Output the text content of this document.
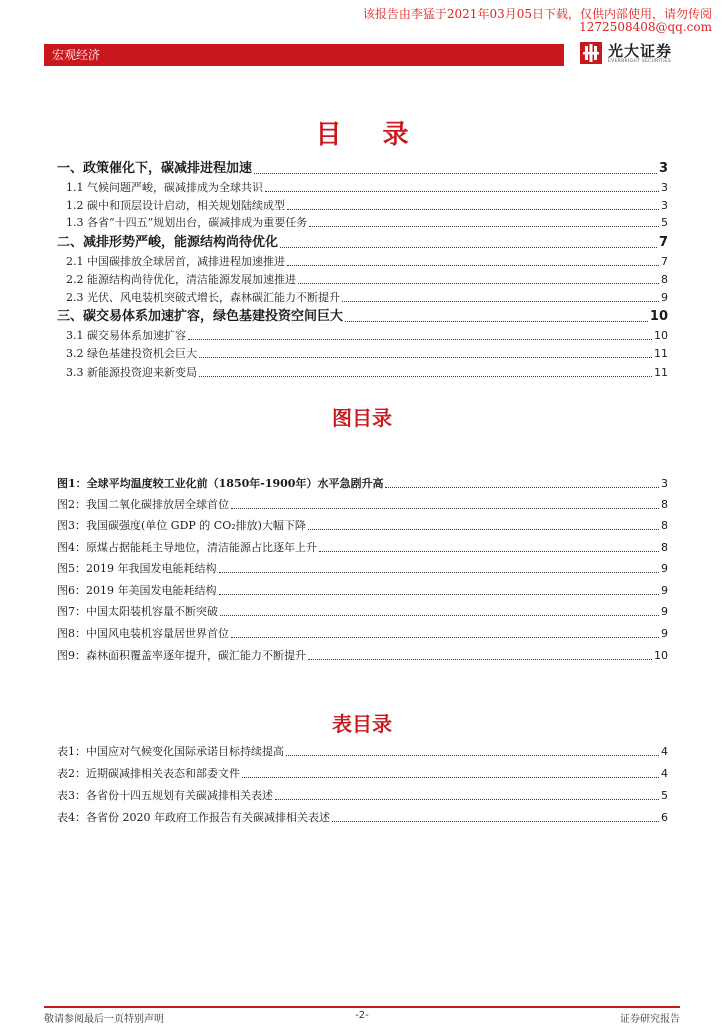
该报告由李猛于2021年03月05日下载，仅供内部使用，请勿传阅
1272508408@qq.com
宏观经济	光大证券
EVERBRIGHT SECURITIES
目 录
一、政策催化下，碳减排进程加速	3
1.1 气候问题严峻，碳减排成为全球共识	3
1.2 碳中和顶层设计启动，相关规划陆续成型	3
1.3 各省“十四五”规划出台，碳减排成为重要任务	5
二、减排形势严峻，能源结构尚待优化	7
2.1 中国碳排放全球居首，减排进程加速推进	7
2.2 能源结构尚待优化，清洁能源发展加速推进	8
2.3 光伏、风电装机突破式增长，森林碳汇能力不断提升	9
三、碳交易体系加速扩容，绿色基建投资空间巨大	10
3.1 碳交易体系加速扩容	10
3.2 绿色基建投资机会巨大	11
3.3 新能源投资迎来新变局	11
图目录
图1：全球平均温度较工业化前（1850年-1900年）水平急剧升高	3
图2：我国二氧化碳排放居全球首位	8
图3：我国碳强度(单位 GDP 的 CO₂排放)大幅下降	8
图4：原煤占据能耗主导地位，清洁能源占比逐年上升	8
图5：2019 年我国发电能耗结构	9
图6：2019 年美国发电能耗结构	9
图7：中国太阳装机容量不断突破	9
图8：中国风电装机容量居世界首位	9
图9：森林面积覆盖率逐年提升，碳汇能力不断提升	10
表目录
表1：中国应对气候变化国际承诺目标持续提高	4
表2：近期碳减排相关表态和部委文件	4
表3：各省份十四五规划有关碳减排相关表述	5
表4：各省份 2020 年政府工作报告有关碳减排相关表述	6
敬请参阅最后一页特别声明	-2-	证券研究报告
